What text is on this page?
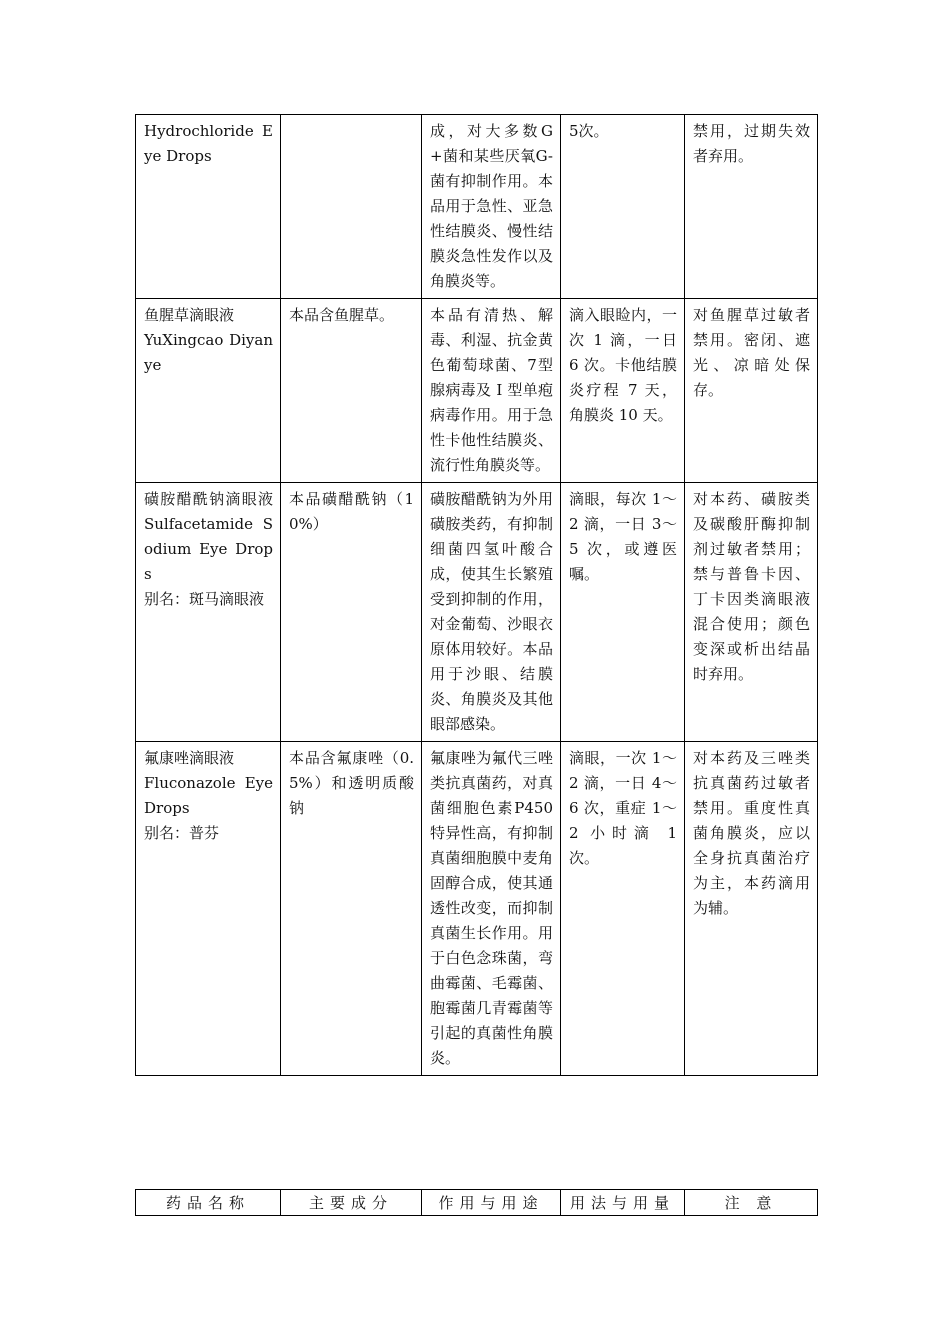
Hydrochloride Eye Drops		成，对大多数G+菌和某些厌氧G-菌有抑制作用。本品用于急性、亚急性结膜炎、慢性结膜炎急性发作以及角膜炎等。	5次。	禁用，过期失效者弃用。

鱼腥草滴眼液
YuXingcao Diyanye	本品含鱼腥草。	本品有清热、解毒、利湿、抗金黄色葡萄球菌、7型腺病毒及 I 型单疱病毒作用。用于急性卡他性结膜炎、流行性角膜炎等。	滴入眼睑内，一次 1 滴，一日 6 次。卡他结膜炎疗程 7 天，角膜炎 10 天。	对鱼腥草过敏者禁用。密闭、遮光、凉暗处保存。

磺胺醋酰钠滴眼液 Sulfacetamide Sodium Eye Drops
别名：斑马滴眼液	本品磺醋酰钠（10%）	磺胺醋酰钠为外用磺胺类药，有抑制细菌四氢叶酸合成，使其生长繁殖受到抑制的作用，对金葡萄、沙眼衣原体用较好。本品用于沙眼、结膜炎、角膜炎及其他眼部感染。	滴眼，每次 1～2 滴，一日 3～5 次，或遵医嘱。	对本药、磺胺类及碳酸肝酶抑制剂过敏者禁用；禁与普鲁卡因、丁卡因类滴眼液混合使用；颜色变深或析出结晶时弃用。

氟康唑滴眼液
Fluconazole Eye Drops
别名：普芬	本品含氟康唑（0.5%）和透明质酸钠	氟康唑为氟代三唑类抗真菌药，对真菌细胞色素P450特异性高，有抑制真菌细胞膜中麦角固醇合成，使其通透性改变，而抑制真菌生长作用。用于白色念珠菌，弯曲霉菌、毛霉菌、胞霉菌几青霉菌等引起的真菌性角膜炎。	滴眼，一次 1～2 滴，一日 4～6 次，重症 1～2 小时滴 1 次。	对本药及三唑类抗真菌药过敏者禁用。重度性真菌角膜炎，应以全身抗真菌治疗为主，本药滴用为辅。
药品名称	主要成分	作用与用途	用法与用量	注 意
